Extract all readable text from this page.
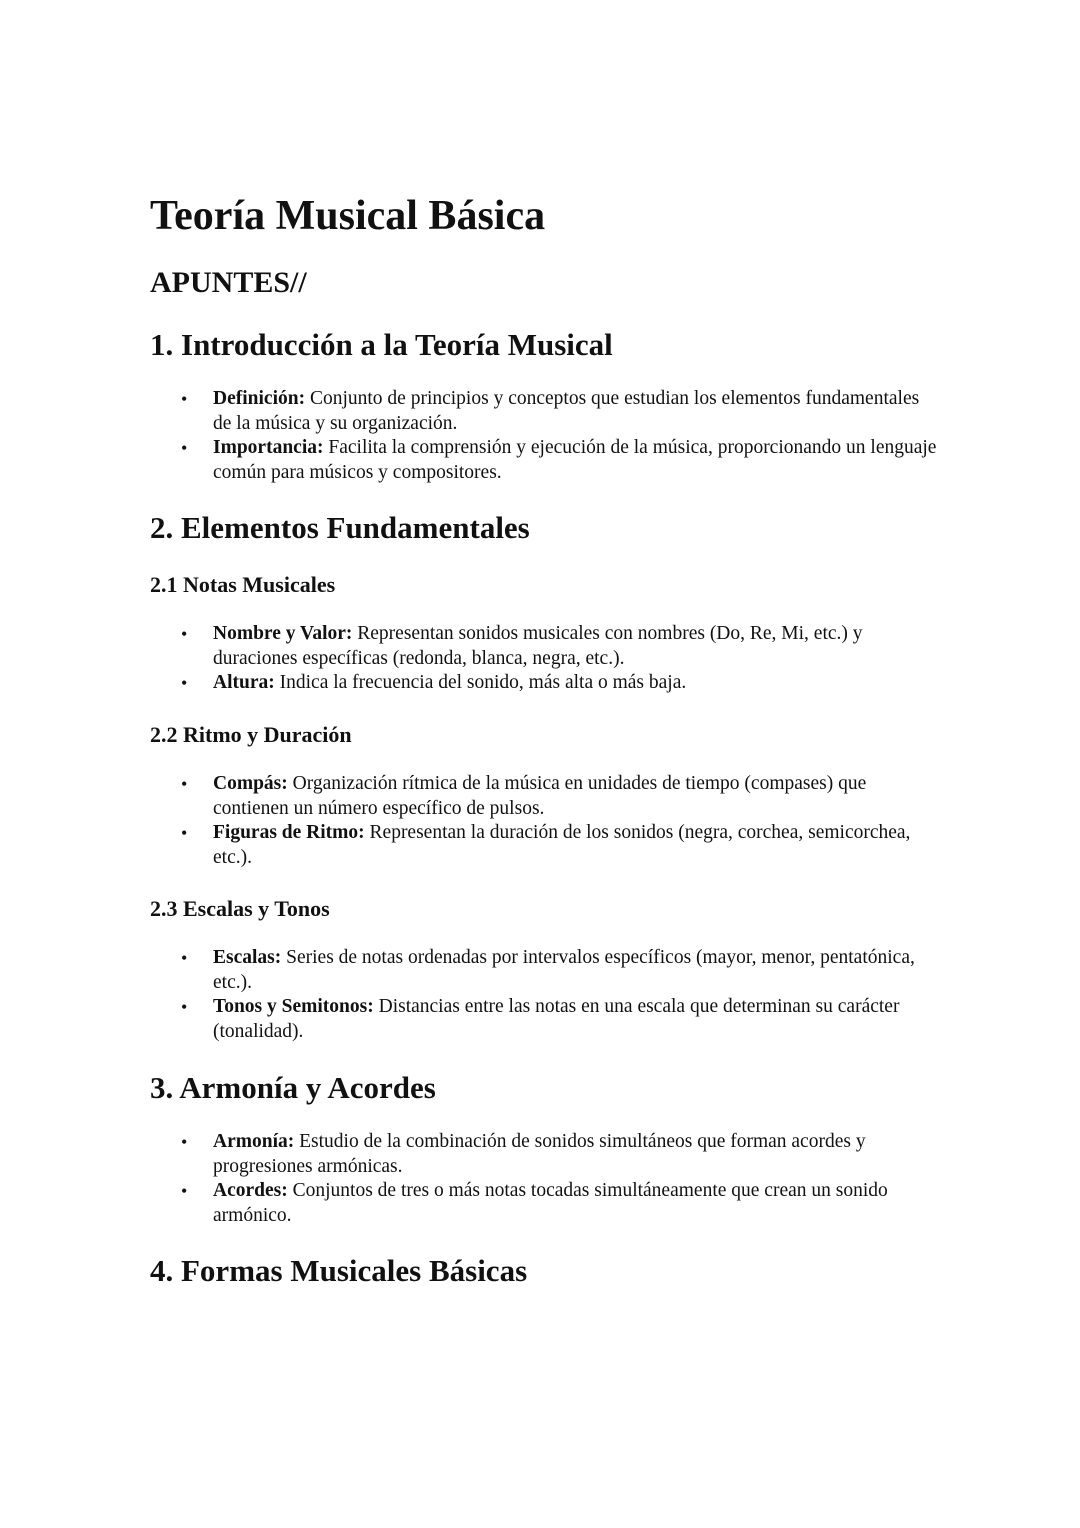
Teoría Musical Básica
APUNTES//
1. Introducción a la Teoría Musical
• Definición: Conjunto de principios y conceptos que estudian los elementos fundamentales de la música y su organización.
• Importancia: Facilita la comprensión y ejecución de la música, proporcionando un lenguaje común para músicos y compositores.
2. Elementos Fundamentales
2.1 Notas Musicales
• Nombre y Valor: Representan sonidos musicales con nombres (Do, Re, Mi, etc.) y duraciones específicas (redonda, blanca, negra, etc.).
• Altura: Indica la frecuencia del sonido, más alta o más baja.
2.2 Ritmo y Duración
• Compás: Organización rítmica de la música en unidades de tiempo (compases) que contienen un número específico de pulsos.
• Figuras de Ritmo: Representan la duración de los sonidos (negra, corchea, semicorchea, etc.).
2.3 Escalas y Tonos
• Escalas: Series de notas ordenadas por intervalos específicos (mayor, menor, pentatónica, etc.).
• Tonos y Semitonos: Distancias entre las notas en una escala que determinan su carácter (tonalidad).
3. Armonía y Acordes
• Armonía: Estudio de la combinación de sonidos simultáneos que forman acordes y progresiones armónicas.
• Acordes: Conjuntos de tres o más notas tocadas simultáneamente que crean un sonido armónico.
4. Formas Musicales Básicas
